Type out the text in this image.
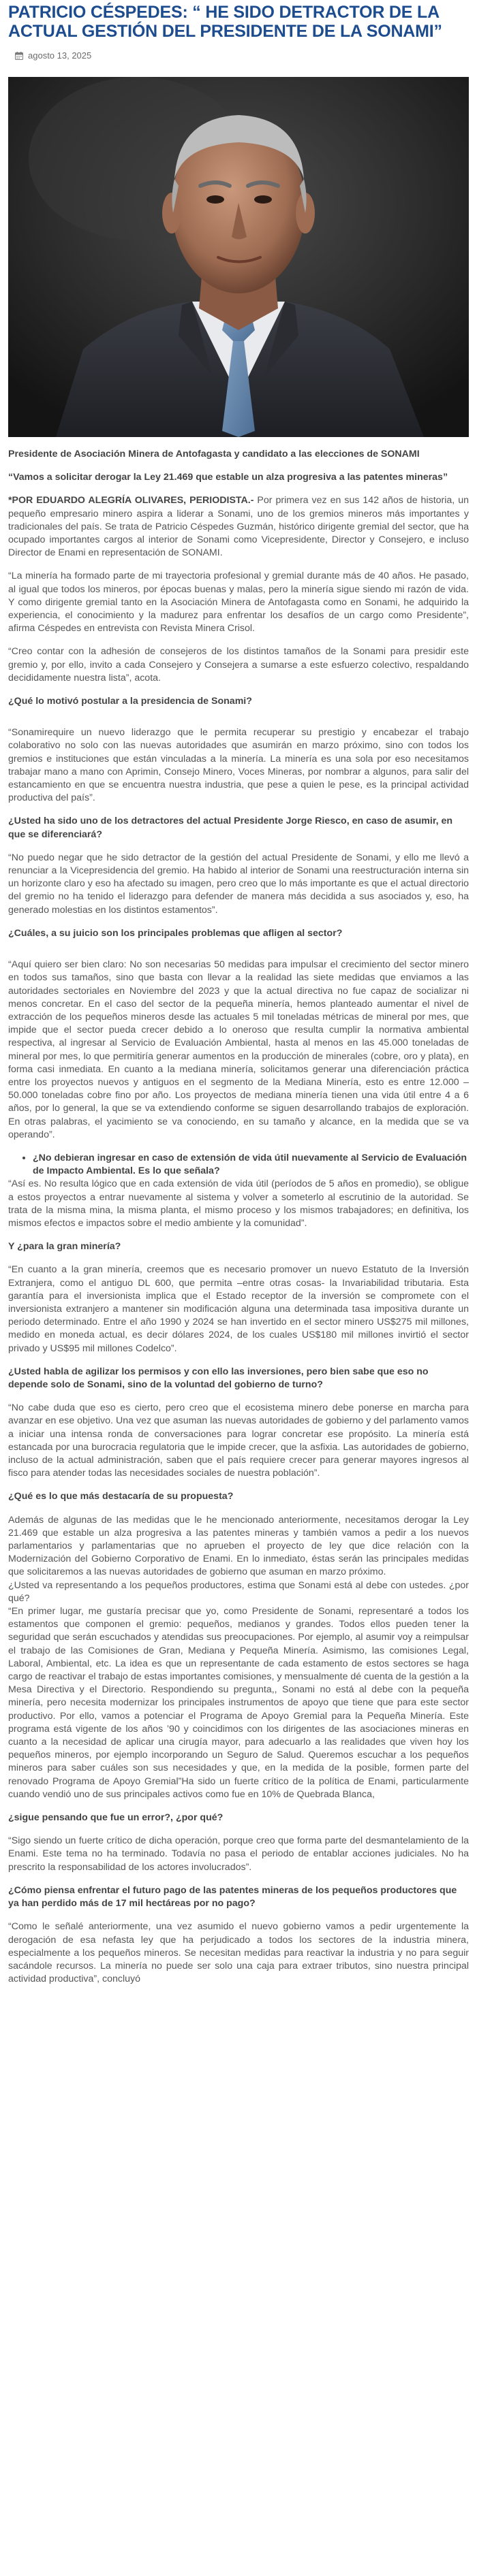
PATRICIO CÉSPEDES: “ HE SIDO DETRACTOR DE LA ACTUAL GESTIÓN DEL PRESIDENTE DE LA SONAMI”
agosto 13, 2025

Presidente de Asociación Minera de Antofagasta y candidato a las elecciones de SONAMI

“Vamos a solicitar derogar la Ley 21.469 que estable un alza progresiva a las patentes mineras”

*POR EDUARDO ALEGRÍA OLIVARES, PERIODISTA.- Por primera vez en sus 142 años de historia, un pequeño empresario minero aspira a liderar a Sonami, uno de los gremios mineros más importantes y tradicionales del país. Se trata de Patricio Céspedes Guzmán, histórico dirigente gremial del sector, que ha ocupado importantes cargos al interior de Sonami como Vicepresidente, Director y Consejero, e incluso Director de Enami en representación de SONAMI.

“La minería ha formado parte de mi trayectoria profesional y gremial durante más de 40 años. He pasado, al igual que todos los mineros, por épocas buenas y malas, pero la minería sigue siendo mi razón de vida. Y como dirigente gremial tanto en la Asociación Minera de Antofagasta como en Sonami, he adquirido la experiencia, el conocimiento y la madurez para enfrentar los desafíos de un cargo como Presidente”, afirma Céspedes en entrevista con Revista Minera Crisol.

“Creo contar con la adhesión de consejeros de los distintos tamaños de la Sonami para presidir este gremio y, por ello, invito a cada Consejero y Consejera a sumarse a este esfuerzo colectivo, respaldando decididamente nuestra lista”, acota.

¿Qué lo motivó postular a la presidencia de Sonami?

“Sonamirequire un nuevo liderazgo que le permita recuperar su prestigio y encabezar el trabajo colaborativo no solo con las nuevas autoridades que asumirán en marzo próximo, sino con todos los gremios e instituciones que están vinculadas a la minería. La minería es una sola por eso necesitamos trabajar mano a mano con Aprimin, Consejo Minero, Voces Mineras, por nombrar a algunos, para salir del estancamiento en que se encuentra nuestra industria, que pese a quien le pese, es la principal actividad productiva del país”.

¿Usted ha sido uno de los detractores del actual Presidente Jorge Riesco, en caso de asumir, en que se diferenciará?

“No puedo negar que he sido detractor de la gestión del actual Presidente de Sonami, y ello me llevó a renunciar a la Vicepresidencia del gremio. Ha habido al interior de Sonami una reestructuración interna sin un horizonte claro y eso ha afectado su imagen, pero creo que lo más importante es que el actual directorio del gremio no ha tenido el liderazgo para defender de manera más decidida a sus asociados y, eso, ha generado molestias en los distintos estamentos”.

¿Cuáles, a su juicio son los principales problemas que afligen al sector?

“Aquí quiero ser bien claro: No son necesarias 50 medidas para impulsar el crecimiento del sector minero en todos sus tamaños, sino que basta con llevar a la realidad las siete medidas que enviamos a las autoridades sectoriales en Noviembre del 2023 y que la actual directiva no fue capaz de socializar ni menos concretar. En el caso del sector de la pequeña minería, hemos planteado aumentar el nivel de extracción de los pequeños mineros desde las actuales 5 mil toneladas métricas de mineral por mes, que impide que el sector pueda crecer debido a lo oneroso que resulta cumplir la normativa ambiental respectiva, al ingresar al Servicio de Evaluación Ambiental, hasta al menos en las 45.000 toneladas de mineral por mes, lo que permitiría generar aumentos en la producción de minerales (cobre, oro y plata), en forma casi inmediata. En cuanto a la mediana minería, solicitamos generar una diferenciación práctica entre los proyectos nuevos y antiguos en el segmento de la Mediana Minería, esto es entre 12.000 – 50.000 toneladas cobre fino por año. Los proyectos de mediana minería tienen una vida útil entre 4 a 6 años, por lo general, la que se va extendiendo conforme se siguen desarrollando trabajos de exploración. En otras palabras, el yacimiento se va conociendo, en su tamaño y alcance, en la medida que se va operando”.

• ¿No debieran ingresar en caso de extensión de vida útil nuevamente al Servicio de Evaluación de Impacto Ambiental. Es lo que señala?

“Así es. No resulta lógico que en cada extensión de vida útil (períodos de 5 años en promedio), se obligue a estos proyectos a entrar nuevamente al sistema y volver a someterlo al escrutinio de la autoridad. Se trata de la misma mina, la misma planta, el mismo proceso y los mismos trabajadores; en definitiva, los mismos efectos e impactos sobre el medio ambiente y la comunidad”.

Y ¿para la gran minería?

“En cuanto a la gran minería, creemos que es necesario promover un nuevo Estatuto de la Inversión Extranjera, como el antiguo DL 600, que permita –entre otras cosas- la Invariabilidad tributaria. Esta garantía para el inversionista implica que el Estado receptor de la inversión se compromete con el inversionista extranjero a mantener sin modificación alguna una determinada tasa impositiva durante un periodo determinado. Entre el año 1990 y 2024 se han invertido en el sector minero US$275 mil millones, medido en moneda actual, es decir dólares 2024, de los cuales US$180 mil millones invirtió el sector privado y US$95 mil millones Codelco”.

¿Usted habla de agilizar los permisos y con ello las inversiones, pero bien sabe que eso no depende solo de Sonami, sino de la voluntad del gobierno de turno?

“No cabe duda que eso es cierto, pero creo que el ecosistema minero debe ponerse en marcha para avanzar en ese objetivo. Una vez que asuman las nuevas autoridades de gobierno y del parlamento vamos a iniciar una intensa ronda de conversaciones para lograr concretar ese propósito. La minería está estancada por una burocracia regulatoria que le impide crecer, que la asfixia. Las autoridades de gobierno, incluso de la actual administración, saben que el país requiere crecer para generar mayores ingresos al fisco para atender todas las necesidades sociales de nuestra población”.

¿Qué es lo que más destacaría de su propuesta?

Además de algunas de las medidas que le he mencionado anteriormente, necesitamos derogar la Ley 21.469 que estable un alza progresiva a las patentes mineras y también vamos a pedir a los nuevos parlamentarios y parlamentarias que no aprueben el proyecto de ley que dice relación con la Modernización del Gobierno Corporativo de Enami. En lo inmediato, éstas serán las principales medidas que solicitaremos a las nuevas autoridades de gobierno que asuman en marzo próximo.

¿Usted va representando a los pequeños productores, estima que Sonami está al debe con ustedes. ¿por qué?

“En primer lugar, me gustaría precisar que yo, como Presidente de Sonami, representaré a todos los estamentos que componen el gremio: pequeños, medianos y grandes. Todos ellos pueden tener la seguridad que serán escuchados y atendidas sus preocupaciones. Por ejemplo, al asumir voy a reimpulsar el trabajo de las Comisiones de Gran, Mediana y Pequeña Minería. Asimismo, las comisiones Legal, Laboral, Ambiental, etc. La idea es que un representante de cada estamento de estos sectores se haga cargo de reactivar el trabajo de estas importantes comisiones, y mensualmente dé cuenta de la gestión a la Mesa Directiva y el Directorio. Respondiendo su pregunta,, Sonami no está al debe con la pequeña minería, pero necesita modernizar los principales instrumentos de apoyo que tiene que para este sector productivo. Por ello, vamos a potenciar el Programa de Apoyo Gremial para la Pequeña Minería. Este programa está vigente de los años ’90 y coincidimos con los dirigentes de las asociaciones mineras en cuanto a la necesidad de aplicar una cirugía mayor, para adecuarlo a las realidades que viven hoy los pequeños mineros, por ejemplo incorporando un Seguro de Salud. Queremos escuchar a los pequeños mineros para saber cuáles son sus necesidades y que, en la medida de la posible, formen parte del renovado Programa de Apoyo Gremial”Ha sido un fuerte crítico de la política de Enami, particularmente cuando vendió uno de sus principales activos como fue en 10% de Quebrada Blanca,

¿sigue pensando que fue un error?, ¿por qué?

“Sigo siendo un fuerte crítico de dicha operación, porque creo que forma parte del desmantelamiento de la Enami. Este tema no ha terminado. Todavía no pasa el periodo de entablar acciones judiciales. No ha prescrito la responsabilidad de los actores involucrados”.

¿Cómo piensa enfrentar el futuro pago de las patentes mineras de los pequeños productores que ya han perdido más de 17 mil hectáreas por no pago?

“Como le señalé anteriormente, una vez asumido el nuevo gobierno vamos a pedir urgentemente la derogación de esa nefasta ley que ha perjudicado a todos los sectores de la industria minera, especialmente a los pequeños mineros. Se necesitan medidas para reactivar la industria y no para seguir sacándole recursos. La minería no puede ser solo una caja para extraer tributos, sino nuestra principal actividad productiva”, concluyó
